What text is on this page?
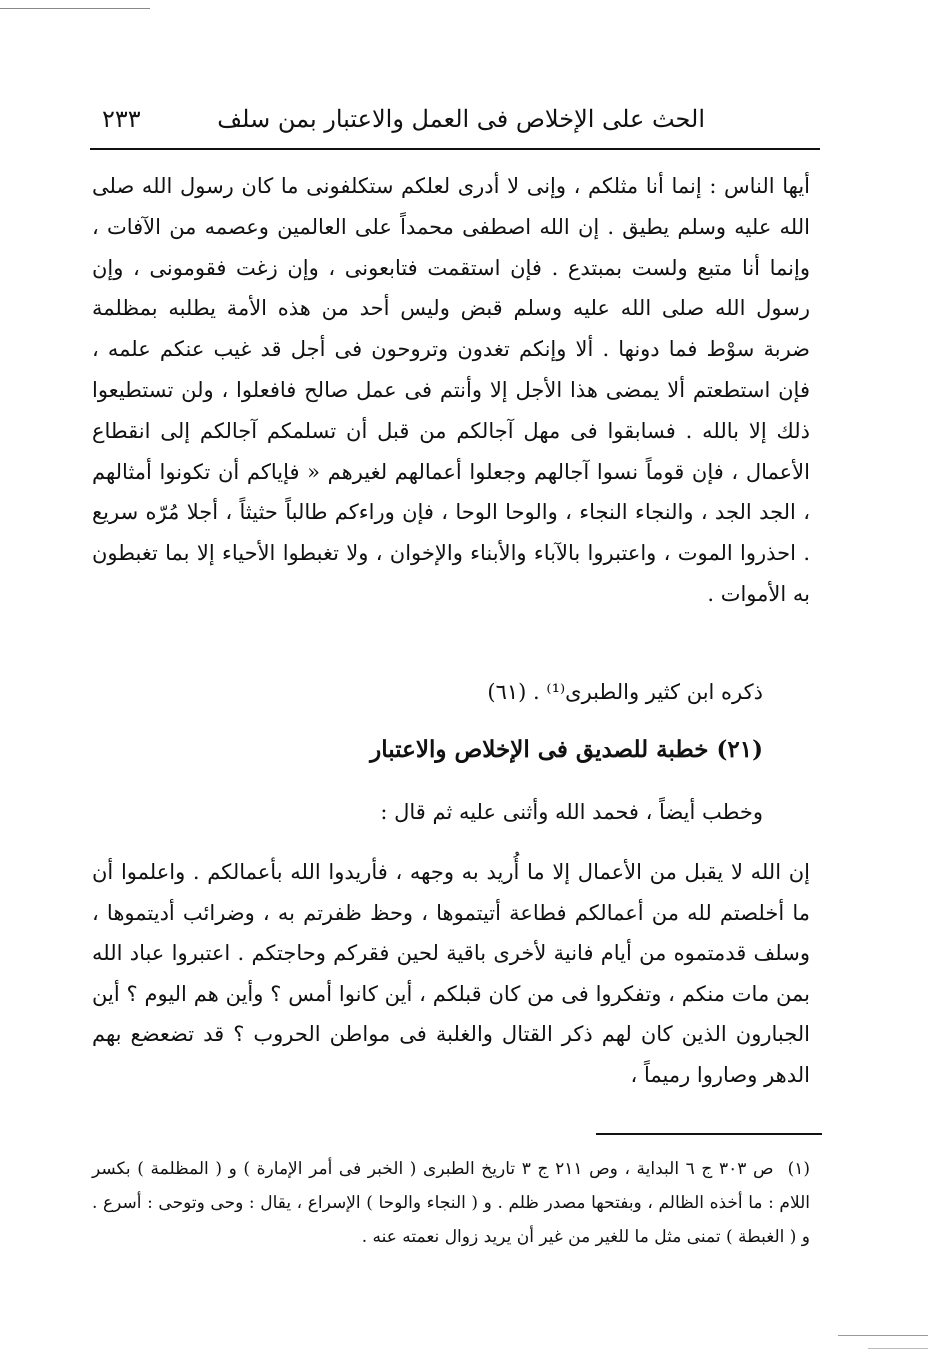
الحث على الإخلاص فى العمل والاعتبار بمن سلف
٢٣٣

أيها الناس : إنما أنا مثلكم ، وإنى لا أدرى لعلكم ستكلفونى ما كان رسول الله صلى الله عليه وسلم يطيق . إن الله اصطفى محمداً على العالمين وعصمه من الآفات ، وإنما أنا متبع ولست بمبتدع . فإن استقمت فتابعونى ، وإن زغت فقومونى ، وإن رسول الله صلى الله عليه وسلم قبض وليس أحد من هذه الأمة يطلبه بمظلمة ضربة سوْط فما دونها . ألا وإنكم تغدون وتروحون فى أجل قد غيب عنكم علمه ، فإن استطعتم ألا يمضى هذا الأجل إلا وأنتم فى عمل صالح فافعلوا ، ولن تستطيعوا ذلك إلا بالله . فسابقوا فى مهل آجالكم من قبل أن تسلمكم آجالكم إلى انقطاع الأعمال ، فإن قوماً نسوا آجالهم وجعلوا أعمالهم لغيرهم « فإياكم أن تكونوا أمثالهم ، الجد الجد ، والنجاء النجاء ، والوحا الوحا ، فإن وراءكم طالباً حثيثاً ، أجلا مُرّه سريع . احذروا الموت ، واعتبروا بالآباء والأبناء والإخوان ، ولا تغبطوا الأحياء إلا بما تغبطون به الأموات .

ذكره ابن كثير والطبرى⁽¹⁾ . (٦١)
(٢١) خطبة للصديق فى الإخلاص والاعتبار
وخطب أيضاً ، فحمد الله وأثنى عليه ثم قال :

إن الله لا يقبل من الأعمال إلا ما أُريد به وجهه ، فأريدوا الله بأعمالكم . واعلموا أن ما أخلصتم لله من أعمالكم فطاعة أتيتموها ، وحظ ظفرتم به ، وضرائب أديتموها ، وسلف قدمتموه من أيام فانية لأخرى باقية لحين فقركم وحاجتكم . اعتبروا عباد الله بمن مات منكم ، وتفكروا فى من كان قبلكم ، أين كانوا أمس ؟ وأين هم اليوم ؟ أين الجبارون الذين كان لهم ذكر القتال والغلبة فى مواطن الحروب ؟ قد تضعضع بهم الدهر وصاروا رميماً ،

(١)ص ٣٠٣ ج ٦ البداية ، وص ٢١١ ج ٣ تاريخ الطبرى ( الخبر فى أمر الإمارة ) و ( المظلمة ) بكسر اللام : ما أخذه الظالم ، وبفتحها مصدر ظلم . و ( النجاء والوحا ) الإسراع ، يقال : وحى وتوحى : أسرع . و ( الغبطة ) تمنى مثل ما للغير من غير أن يريد زوال نعمته عنه .
